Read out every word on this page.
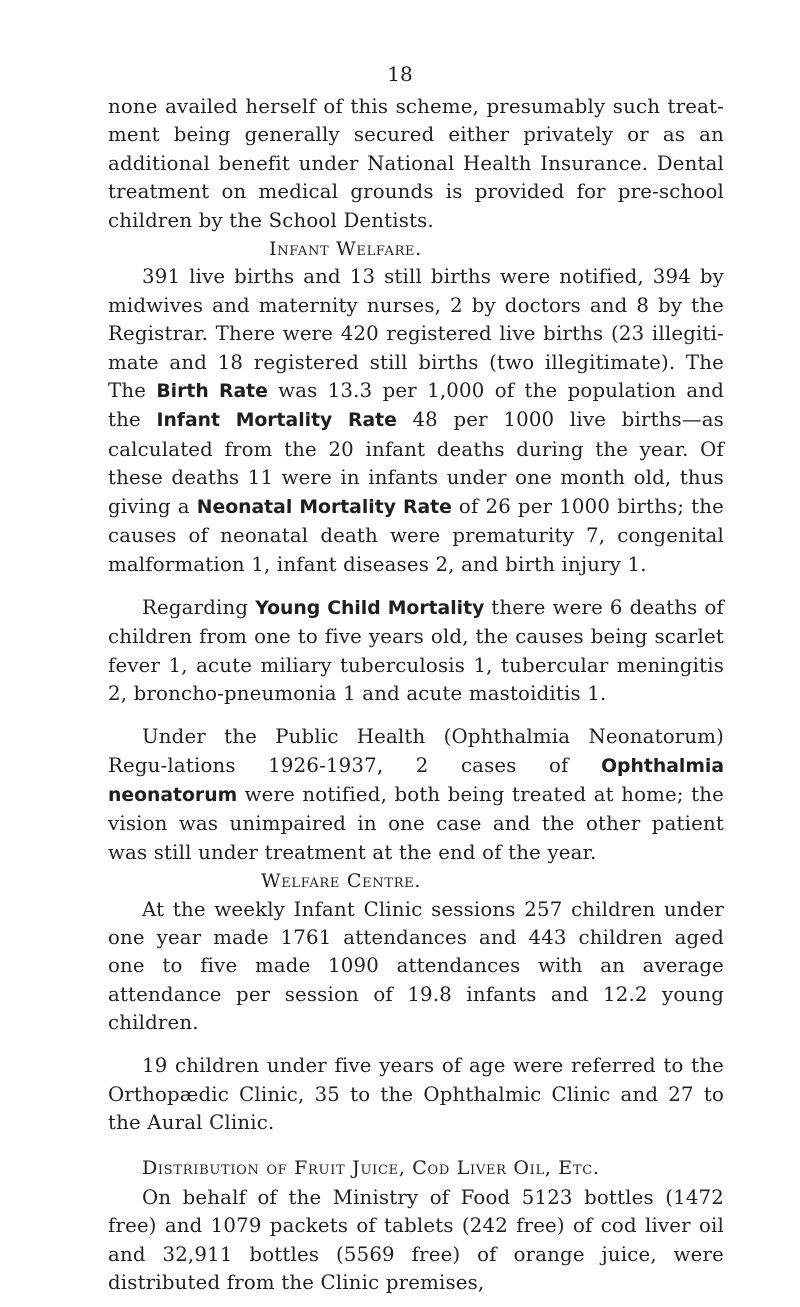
18

none availed herself of this scheme, presumably such treat-ment being generally secured either privately or as an additional benefit under National Health Insurance. Dental treatment on medical grounds is provided for pre-school children by the School Dentists.

Infant Welfare.

391 live births and 13 still births were notified, 394 by midwives and maternity nurses, 2 by doctors and 8 by the Registrar. There were 420 registered live births (23 illegiti-mate and 18 registered still births (two illegitimate). The The Birth Rate was 13.3 per 1,000 of the population and the Infant Mortality Rate 48 per 1000 live births—as calculated from the 20 infant deaths during the year. Of these deaths 11 were in infants under one month old, thus giving a Neonatal Mortality Rate of 26 per 1000 births; the causes of neonatal death were prematurity 7, congenital malformation 1, infant diseases 2, and birth injury 1.

Regarding Young Child Mortality there were 6 deaths of children from one to five years old, the causes being scarlet fever 1, acute miliary tuberculosis 1, tubercular meningitis 2, broncho-pneumonia 1 and acute mastoiditis 1.

Under the Public Health (Ophthalmia Neonatorum) Regu-lations 1926-1937, 2 cases of Ophthalmia neonatorum were notified, both being treated at home; the vision was unimpaired in one case and the other patient was still under treatment at the end of the year.

Welfare Centre.

At the weekly Infant Clinic sessions 257 children under one year made 1761 attendances and 443 children aged one to five made 1090 attendances with an average attendance per session of 19.8 infants and 12.2 young children.

19 children under five years of age were referred to the Orthopædic Clinic, 35 to the Ophthalmic Clinic and 27 to the Aural Clinic.

Distribution of Fruit Juice, Cod Liver Oil, Etc.

On behalf of the Ministry of Food 5123 bottles (1472 free) and 1079 packets of tablets (242 free) of cod liver oil and 32,911 bottles (5569 free) of orange juice, were distributed from the Clinic premises,
